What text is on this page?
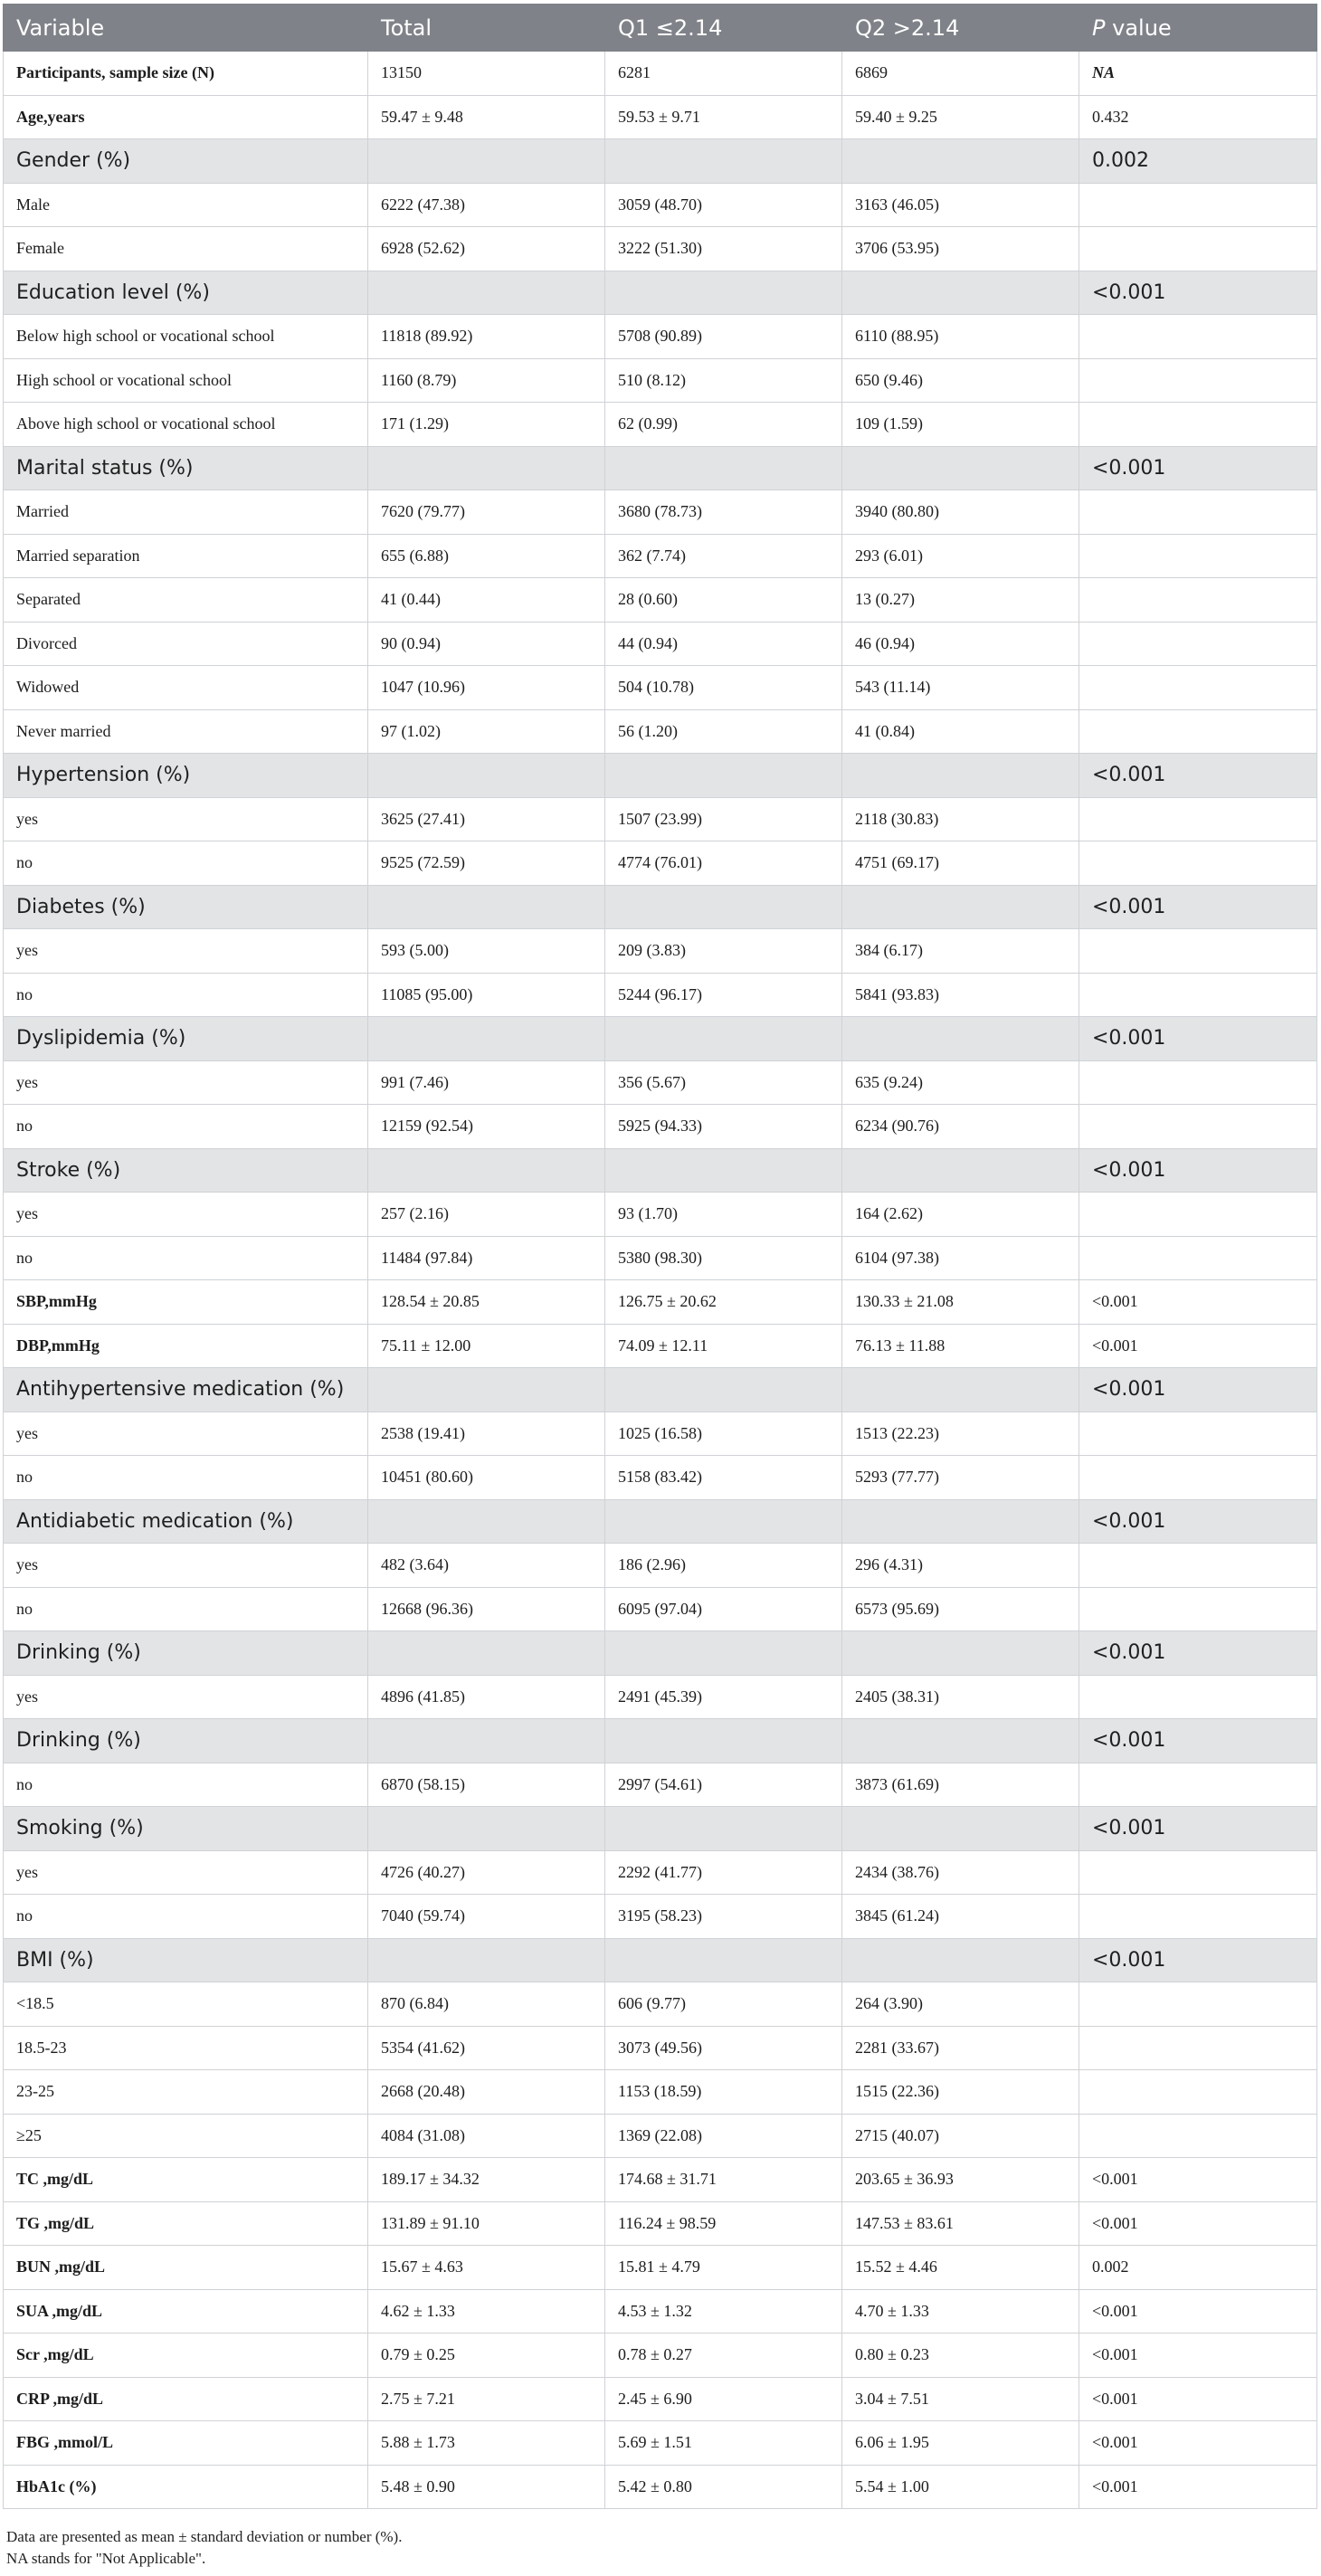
Variable	Total	Q1 ≤2.14	Q2 >2.14	P value
Participants, sample size (N)	13150	6281	6869	NA
Age,years	59.47 ± 9.48	59.53 ± 9.71	59.40 ± 9.25	0.432
Gender (%)				0.002
Male	6222 (47.38)	3059 (48.70)	3163 (46.05)	
Female	6928 (52.62)	3222 (51.30)	3706 (53.95)	
Education level (%)				<0.001
Below high school or vocational school	11818 (89.92)	5708 (90.89)	6110 (88.95)	
High school or vocational school	1160 (8.79)	510 (8.12)	650 (9.46)	
Above high school or vocational school	171 (1.29)	62 (0.99)	109 (1.59)	
Marital status (%)				<0.001
Married	7620 (79.77)	3680 (78.73)	3940 (80.80)	
Married separation	655 (6.88)	362 (7.74)	293 (6.01)	
Separated	41 (0.44)	28 (0.60)	13 (0.27)	
Divorced	90 (0.94)	44 (0.94)	46 (0.94)	
Widowed	1047 (10.96)	504 (10.78)	543 (11.14)	
Never married	97 (1.02)	56 (1.20)	41 (0.84)	
Hypertension (%)				<0.001
yes	3625 (27.41)	1507 (23.99)	2118 (30.83)	
no	9525 (72.59)	4774 (76.01)	4751 (69.17)	
Diabetes (%)				<0.001
yes	593 (5.00)	209 (3.83)	384 (6.17)	
no	11085 (95.00)	5244 (96.17)	5841 (93.83)	
Dyslipidemia (%)				<0.001
yes	991 (7.46)	356 (5.67)	635 (9.24)	
no	12159 (92.54)	5925 (94.33)	6234 (90.76)	
Stroke (%)				<0.001
yes	257 (2.16)	93 (1.70)	164 (2.62)	
no	11484 (97.84)	5380 (98.30)	6104 (97.38)	
SBP,mmHg	128.54 ± 20.85	126.75 ± 20.62	130.33 ± 21.08	<0.001
DBP,mmHg	75.11 ± 12.00	74.09 ± 12.11	76.13 ± 11.88	<0.001
Antihypertensive medication (%)				<0.001
yes	2538 (19.41)	1025 (16.58)	1513 (22.23)	
no	10451 (80.60)	5158 (83.42)	5293 (77.77)	
Antidiabetic medication (%)				<0.001
yes	482 (3.64)	186 (2.96)	296 (4.31)	
no	12668 (96.36)	6095 (97.04)	6573 (95.69)	
Drinking (%)				<0.001
yes	4896 (41.85)	2491 (45.39)	2405 (38.31)	
Drinking (%)				<0.001
no	6870 (58.15)	2997 (54.61)	3873 (61.69)	
Smoking (%)				<0.001
yes	4726 (40.27)	2292 (41.77)	2434 (38.76)	
no	7040 (59.74)	3195 (58.23)	3845 (61.24)	
BMI (%)				<0.001
<18.5	870 (6.84)	606 (9.77)	264 (3.90)	
18.5-23	5354 (41.62)	3073 (49.56)	2281 (33.67)	
23-25	2668 (20.48)	1153 (18.59)	1515 (22.36)	
≥25	4084 (31.08)	1369 (22.08)	2715 (40.07)	
TC ,mg/dL	189.17 ± 34.32	174.68 ± 31.71	203.65 ± 36.93	<0.001
TG ,mg/dL	131.89 ± 91.10	116.24 ± 98.59	147.53 ± 83.61	<0.001
BUN ,mg/dL	15.67 ± 4.63	15.81 ± 4.79	15.52 ± 4.46	0.002
SUA ,mg/dL	4.62 ± 1.33	4.53 ± 1.32	4.70 ± 1.33	<0.001
Scr ,mg/dL	0.79 ± 0.25	0.78 ± 0.27	0.80 ± 0.23	<0.001
CRP ,mg/dL	2.75 ± 7.21	2.45 ± 6.90	3.04 ± 7.51	<0.001
FBG ,mmol/L	5.88 ± 1.73	5.69 ± 1.51	6.06 ± 1.95	<0.001
HbA1c (%)	5.48 ± 0.90	5.42 ± 0.80	5.54 ± 1.00	<0.001
Data are presented as mean ± standard deviation or number (%).
NA stands for "Not Applicable".
